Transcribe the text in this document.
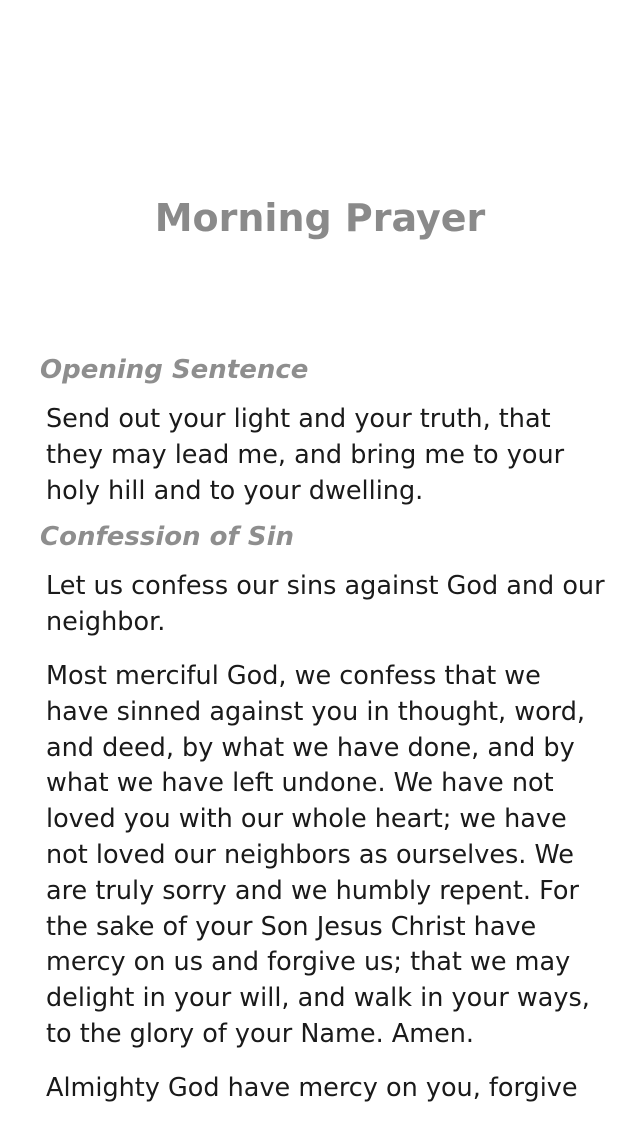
Morning Prayer
Opening Sentence

Send out your light and your truth, that they may lead me, and bring me to your holy hill and to your dwelling.

Confession of Sin

Let us confess our sins against God and our neighbor.

Most merciful God, we confess that we have sinned against you in thought, word, and deed, by what we have done, and by what we have left undone. We have not loved you with our whole heart; we have not loved our neighbors as ourselves. We are truly sorry and we humbly repent. For the sake of your Son Jesus Christ have mercy on us and forgive us; that we may delight in your will, and walk in your ways, to the glory of your Name. Amen.

Almighty God have mercy on you, forgive
